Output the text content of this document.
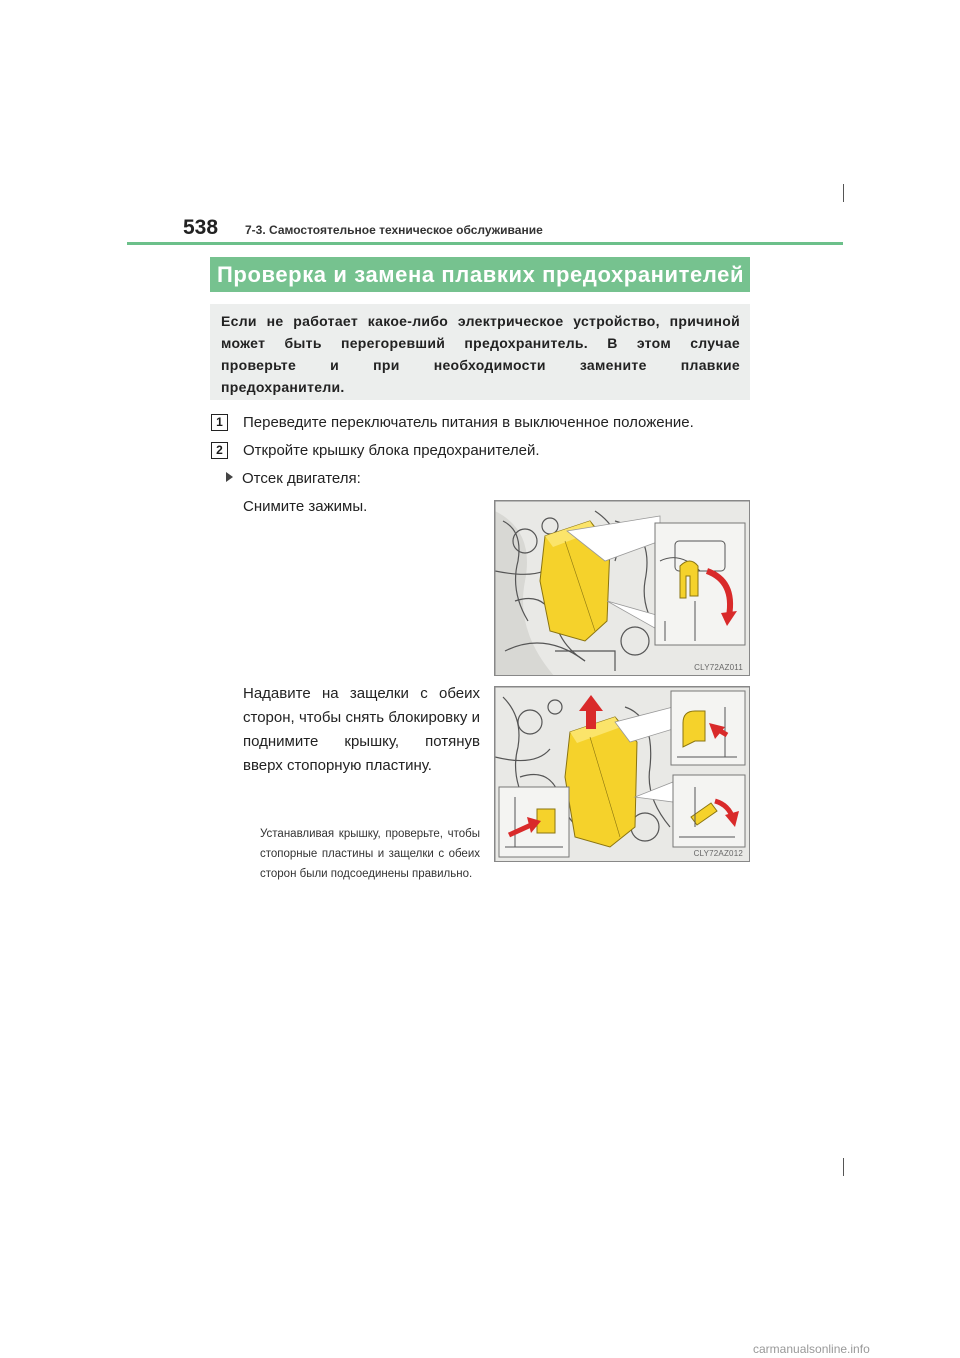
538 7-3. Самостоятельное техническое обслуживание
Проверка и замена плавких предохранителей

Если не работает какое-либо электрическое устройство, причиной может быть перегоревший предохранитель. В этом случае проверьте и при необходимости замените плавкие предохранители.

1	Переведите переключатель питания в выключенное положение.
2	Откройте крышку блока предохранителей.
Отсек двигателя:
Снимите зажимы.
Надавите на защелки с обеих сторон, чтобы снять блокировку и поднимите крышку, потянув вверх стопорную пластину.
Устанавливая крышку, проверьте, чтобы стопорные пластины и защелки с обеих сторон были подсоединены правильно.
CLY72AZ011
CLY72AZ012
carmanualsonline.info
